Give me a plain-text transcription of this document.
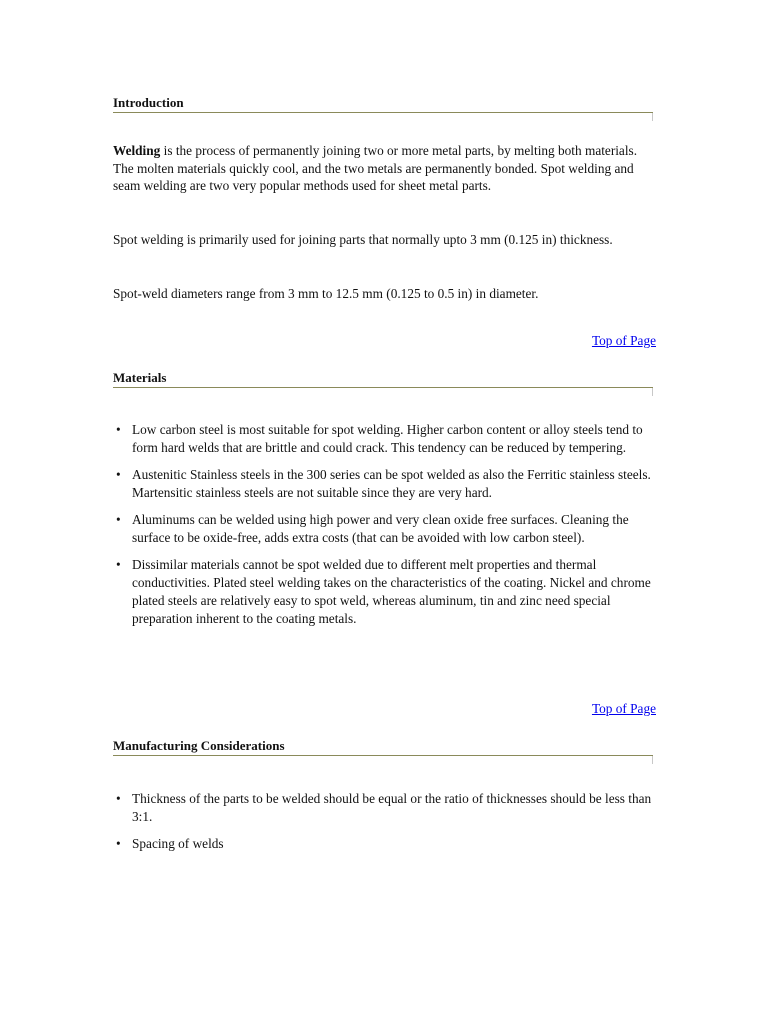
Introduction

Welding is the process of permanently joining two or more metal parts, by melting both materials. The molten materials quickly cool, and the two metals are permanently bonded. Spot welding and seam welding are two very popular methods used for sheet metal parts.

Spot welding is primarily used for joining parts that normally upto 3 mm (0.125 in) thickness.

Spot-weld diameters range from 3 mm to 12.5 mm (0.125 to 0.5 in) in diameter.

Top of Page
Materials
• Low carbon steel is most suitable for spot welding. Higher carbon content or alloy steels tend to form hard welds that are brittle and could crack. This tendency can be reduced by tempering.
• Austenitic Stainless steels in the 300 series can be spot welded as also the Ferritic stainless steels. Martensitic stainless steels are not suitable since they are very hard.
• Aluminums can be welded using high power and very clean oxide free surfaces. Cleaning the surface to be oxide-free, adds extra costs (that can be avoided with low carbon steel).
• Dissimilar materials cannot be spot welded due to different melt properties and thermal conductivities. Plated steel welding takes on the characteristics of the coating. Nickel and chrome plated steels are relatively easy to spot weld, whereas aluminum, tin and zinc need special preparation inherent to the coating metals.
Top of Page
Manufacturing Considerations
• Thickness of the parts to be welded should be equal or the ratio of thicknesses should be less than 3:1.
• Spacing of welds
